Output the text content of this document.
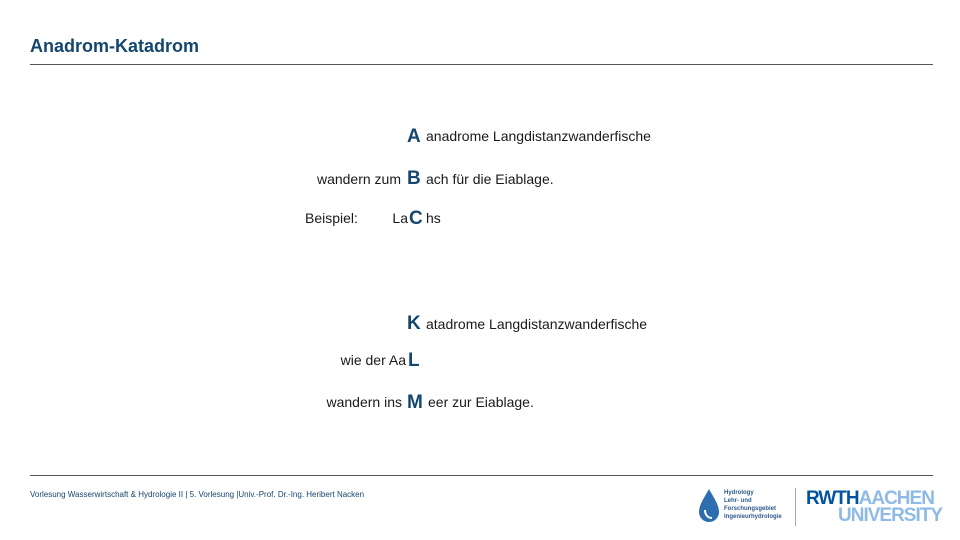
Anadrom-Katadrom
A anadrome Langdistanzwanderfische
wandern zum B ach für die Eiablage.
Beispiel: La C hs
K atadrome Langdistanzwanderfische
wie der Aa L
wandern ins M eer zur Eiablage.
Vorlesung Wasserwirtschaft & Hydrologie II | 5. Vorlesung |Univ.-Prof. Dr.-Ing. Heribert Nacken	Hydrology
Lehr- und
Forschungsgebiet
Ingenieurhydrologie
RWTHAACHEN
UNIVERSITY
